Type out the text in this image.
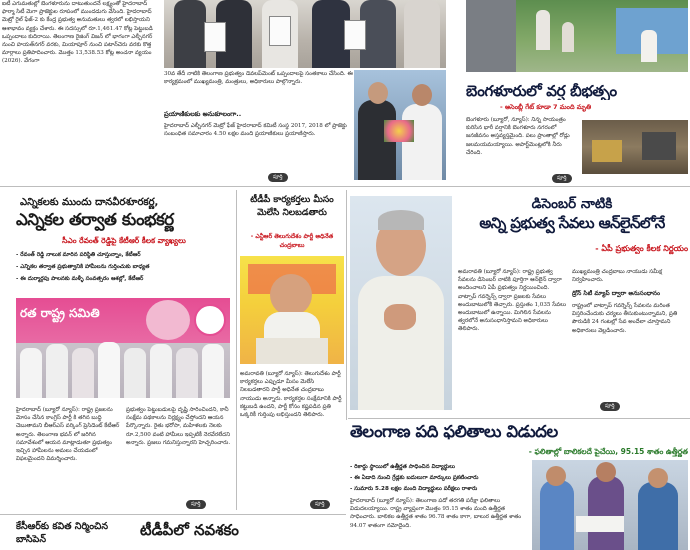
ఐటీ ఎగుమతుల్లో బెంగళూరును దాటుతుందనే లక్ష్యంతో హైదరాబాద్ ఫార్మా సిటీ మెగా ప్రాజెక్టుల రూపంలో ముందడుగు వేసింది. హైదరాబాద్ మెట్రో రైల్ ఫేజ్-2 కు కేంద్ర ప్రభుత్వ అనుమతులు త్వరలో లభిస్తాయని ఆశాభావం వ్యక్తం చేశారు. ఈ సదస్సులో రూ.1,461.47 కోట్ల పెట్టుబడి ఒప్పందాలు కుదిరాయి. తెలంగాణ రైజింగ్ విజన్ లో భాగంగా ఎల్బీనగర్ నుంచి హయత్‌నగర్ వరకు, మియాపూర్ నుంచి పటాన్‌చెరు వరకు కొత్త మార్గాలు ప్రతిపాదించారు. మొత్తం 13,538.53 కోట్ల అంచనా వ్యయం (2026). వేగంగా
30వ తేదీ నాటికి తెలంగాణ ప్రభుత్వం డెవలప్‌మెంట్ ఒప్పందాలపై సంతకాలు చేసింది. ఈ కార్యక్రమంలో ముఖ్యమంత్రి, మంత్రులు, అధికారులు పాల్గొన్నారు.
ప్రయాణికులకు అనుకూలంగా..
హైదరాబాద్ ఎల్బీనగర్ మెట్రో ఫేజ్ హైదరాబాద్ కమిటీ సంస్థ 2017, 2018 లో ప్రాజెక్టు సంబంధిత సమాచారం 4.50 లక్షల మంది ప్రయాణికులు ప్రయాణిస్తారు.
పూర్తి
బెంగళూరులో వర్ష బీభత్సం
- అసెంబ్లీ గేట్ కూడా 7 మంది మృతి
బెంగళూరు (బ్యూరో, న్యూస్): నిన్న సాయంత్రం కురిసిన భారీ వర్షానికి బెంగళూరు నగరంలో జనజీవనం అస్తవ్యస్తమైంది. పలు ప్రాంతాల్లో రోడ్లు జలమయమయ్యాయి. అపార్ట్‌మెంట్లలోకి నీరు చేరింది.
పూర్తి
ఎన్నికలకు ముందు దానవీరశూరకర్ణ,
ఎన్నికల తర్వాత కుంభకర్ణ
సీఎం రేవంత్ రెడ్డిపై కేటీఆర్ కీలక వ్యాఖ్యలు
- రేవంత్ రెడ్డి నాలుక మారిన పరిస్థితి చూస్తున్నాం, కేటీఆర్
- ఎన్నికల తర్వాత ప్రభుత్వానికి హామీలను గుర్తించుకు బాధ్యత
- ఈ దుర్మార్గపు పాలనకు మళ్ళీ సంవత్సరం ఆశల్లో, కేటీఆర్
రత రాష్ట్ర సమితి
హైదరాబాద్ (బ్యూరో న్యూస్): రాష్ట్ర ప్రజలను మోసం చేసిన కాంగ్రెస్ పార్టీ కి తగిన బుద్ధి చెబుతామని బీఆర్ఎస్ వర్కింగ్ ప్రెసిడెంట్ కేటీఆర్ అన్నారు. తెలంగాణ భవన్ లో జరిగిన సమావేశంలో ఆయన మాట్లాడుతూ ప్రభుత్వం ఇచ్చిన హామీలను అమలు చేయడంలో విఫలమైందని విమర్శించారు.
ప్రభుత్వం పెట్టుబడులపై దృష్టి సారించిందని, కానీ సంక్షేమ పథకాలను నిర్లక్ష్యం చేస్తోందని ఆయన పేర్కొన్నారు. రైతు భరోసా, మహిళలకు నెలకు రూ.2,500 వంటి హామీలు ఇప్పటికీ నెరవేరలేదని అన్నారు. ప్రజలు గమనిస్తున్నారని హెచ్చరించారు.
పూర్తి
టీడీపీ కార్యకర్తలు మీసం మెలేసి నిలబడతారు
- ఎన్టీఆర్ తెలుగుదేశం పార్టీ అధినేత చంద్రబాబు
అమరావతి (బ్యూరో న్యూస్): తెలుగుదేశం పార్టీ కార్యకర్తలు ఎప్పుడూ మీసం మెలేసి నిలబడతారని పార్టీ అధినేత చంద్రబాబు నాయుడు అన్నారు. కార్యకర్తల సంక్షేమానికి పార్టీ కట్టుబడి ఉందని, పార్టీ కోసం కష్టపడిన ప్రతి ఒక్కరికీ గుర్తింపు లభిస్తుందని తెలిపారు.
పూర్తి
డిసెంబర్ నాటికి
అన్ని ప్రభుత్వ సేవలు ఆన్‌లైన్‌లోనే
- ఏపీ ప్రభుత్వం కీలక నిర్ణయం
అమరావతి (బ్యూరో న్యూస్): రాష్ట్ర ప్రభుత్వ సేవలను డిసెంబర్ నాటికి పూర్తిగా ఆన్‌లైన్ ద్వారా అందించాలని ఏపీ ప్రభుత్వం నిర్ణయించింది. వాట్సాప్ గవర్నెన్స్ ద్వారా ప్రజలకు సేవలు అందుబాటులోకి తెచ్చారు. ప్రస్తుతం 1,035 సేవలు అందుబాటులో ఉన్నాయి. మిగిలిన సేవలను త్వరలోనే అనుసంధానిస్తామని అధికారులు తెలిపారు.
ముఖ్యమంత్రి చంద్రబాబు నాయుడు సమీక్ష నిర్వహించారు.
డ్రోన్ సిటీ మ్యాప్ ద్వారా అనుసంధానం
రాష్ట్రంలో వాట్సాప్ గవర్నెన్స్ సేవలను మరింత విస్తరించేందుకు చర్యలు తీసుకుంటున్నామని, ప్రతి పౌరుడికి 24 గంటల్లో సేవ అందేలా చూస్తామని అధికారులు వెల్లడించారు.
పూర్తి
తెలంగాణ పది ఫలితాలు విడుదల
- ఫలితాల్లో బాలికలదే పైచేయి, 95.15 శాతం ఉత్తీర్ణత
- రికార్డు స్థాయిలో ఉత్తీర్ణత సాధించిన విద్యార్థులు
- ఈ ఏడాది నుంచి గ్రేడ్లకు బదులుగా మార్కులు ప్రకటించారు
- సుమారు 5.28 లక్షల మంది విద్యార్థులు పరీక్షలు రాశారు
హైదరాబాద్ (బ్యూరో న్యూస్): తెలంగాణ పదో తరగతి పరీక్షా ఫలితాలు విడుదలయ్యాయి. రాష్ట్ర వ్యాప్తంగా మొత్తం 95.15 శాతం మంది ఉత్తీర్ణత సాధించారు. బాలికల ఉత్తీర్ణత శాతం 96.78 శాతం కాగా, బాలుర ఉత్తీర్ణత శాతం 94.07 శాతంగా నమోదైంది.
కేసీఆర్‌కు కవిత నిర్మించిన బాసిపెన్
టీడీపీలో నవశకం
